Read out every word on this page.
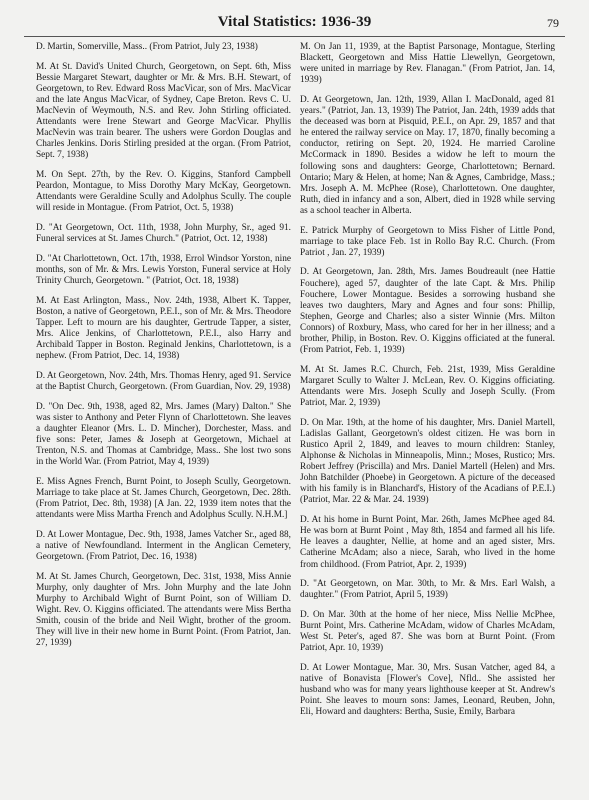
Vital Statistics: 1936-39	79

D. Martin, Somerville, Mass.. (From Patriot, July 23, 1938)

M. At St. David's United Church, Georgetown, on Sept. 6th, Miss Bessie Margaret Stewart, daughter or Mr. & Mrs. B.H. Stewart, of Georgetown, to Rev. Edward Ross MacVicar, son of Mrs. MacVicar and the late Angus MacVicar, of Sydney, Cape Breton. Revs C. U. MacNevin of Weymouth, N.S. and Rev. John Stirling officiated. Attendants were Irene Stewart and George MacVicar. Phyllis MacNevin was train bearer. The ushers were Gordon Douglas and Charles Jenkins. Doris Stirling presided at the organ. (From Patriot, Sept. 7, 1938)

M. On Sept. 27th, by the Rev. O. Kiggins, Stanford Campbell Peardon, Montague, to Miss Dorothy Mary McKay, Georgetown. Attendants were Geraldine Scully and Adolphus Scully. The couple will reside in Montague. (From Patriot, Oct. 5, 1938)

D. "At Georgetown, Oct. 11th, 1938, John Murphy, Sr., aged 91. Funeral services at St. James Church." (Patriot, Oct. 12, 1938)

D. "At Charlottetown, Oct. 17th, 1938, Errol Windsor Yorston, nine months, son of Mr. & Mrs. Lewis Yorston, Funeral service at Holy Trinity Church, Georgetown. " (Patriot, Oct. 18, 1938)

M. At East Arlington, Mass., Nov. 24th, 1938, Albert K. Tapper, Boston, a native of Georgetown, P.E.I., son of Mr. & Mrs. Theodore Tapper. Left to mourn are his daughter, Gertrude Tapper, a sister, Mrs. Alice Jenkins, of Charlottetown, P.E.I., also Harry and Archibald Tapper in Boston. Reginald Jenkins, Charlottetown, is a nephew. (From Patriot, Dec. 14, 1938)

D. At Georgetown, Nov. 24th, Mrs. Thomas Henry, aged 91. Service at the Baptist Church, Georgetown. (From Guardian, Nov. 29, 1938)

D. "On Dec. 9th, 1938, aged 82, Mrs. James (Mary) Dalton." She was sister to Anthony and Peter Flynn of Charlottetown. She leaves a daughter Eleanor (Mrs. L. D. Mincher), Dorchester, Mass. and five sons: Peter, James & Joseph at Georgetown, Michael at Trenton, N.S. and Thomas at Cambridge, Mass.. She lost two sons in the World War. (From Patriot, May 4, 1939)

E. Miss Agnes French, Burnt Point, to Joseph Scully, Georgetown. Marriage to take place at St. James Church, Georgetown, Dec. 28th. (From Patriot, Dec. 8th, 1938) [A Jan. 22, 1939 item notes that the attendants were Miss Martha French and Adolphus Scully. N.H.M.]

D. At Lower Montague, Dec. 9th, 1938, James Vatcher Sr., aged 88, a native of Newfoundland. Interment in the Anglican Cemetery, Georgetown. (From Patriot, Dec. 16, 1938)

M. At St. James Church, Georgetown, Dec. 31st, 1938, Miss Annie Murphy, only daughter of Mrs. John Murphy and the late John Murphy to Archibald Wight of Burnt Point, son of William D. Wight. Rev. O. Kiggins officiated. The attendants were Miss Bertha Smith, cousin of the bride and Neil Wight, brother of the groom. They will live in their new home in Burnt Point. (From Patriot, Jan. 27, 1939)

M. On Jan 11, 1939, at the Baptist Parsonage, Montague, Sterling Blackett, Georgetown and Miss Hattie Llewellyn, Georgetown, were united in marriage by Rev. Flanagan." (From Patriot, Jan. 14, 1939)

D. At Georgetown, Jan. 12th, 1939, Allan I. MacDonald, aged 81 years." (Patriot, Jan. 13, 1939) The Patriot, Jan. 24th, 1939 adds that the deceased was born at Pisquid, P.E.I., on Apr. 29, 1857 and that he entered the railway service on May. 17, 1870, finally becoming a conductor, retiring on Sept. 20, 1924. He married Caroline McCormack in 1890. Besides a widow he left to mourn the following sons and daughters: George, Charlottetown; Bernard. Ontario; Mary & Helen, at home; Nan & Agnes, Cambridge, Mass.; Mrs. Joseph A. M. McPhee (Rose), Charlottetown. One daughter, Ruth, died in infancy and a son, Albert, died in 1928 while serving as a school teacher in Alberta.

E. Patrick Murphy of Georgetown to Miss Fisher of Little Pond, marriage to take place Feb. 1st in Rollo Bay R.C. Church. (From Patriot , Jan. 27, 1939)

D. At Georgetown, Jan. 28th, Mrs. James Boudreault (nee Hattie Fouchere), aged 57, daughter of the late Capt. & Mrs. Philip Fouchere, Lower Montague. Besides a sorrowing husband she leaves two daughters, Mary and Agnes and four sons: Phillip, Stephen, George and Charles; also a sister Winnie (Mrs. Milton Connors) of Roxbury, Mass, who cared for her in her illness; and a brother, Philip, in Boston. Rev. O. Kiggins officiated at the funeral. (From Patriot, Feb. 1, 1939)

M. At St. James R.C. Church, Feb. 21st, 1939, Miss Geraldine Margaret Scully to Walter J. McLean, Rev. O. Kiggins officiating. Attendants were Mrs. Joseph Scully and Joseph Scully. (From Patriot, Mar. 2, 1939)

D. On Mar. 19th, at the home of his daughter, Mrs. Daniel Martell, Ladislas Gallant, Georgetown's oldest citizen. He was born in Rustico April 2, 1849, and leaves to mourn children: Stanley, Alphonse & Nicholas in Minneapolis, Minn.; Moses, Rustico; Mrs. Robert Jeffrey (Priscilla) and Mrs. Daniel Martell (Helen) and Mrs. John Batchilder (Phoebe) in Georgetown. A picture of the deceased with his family is in Blanchard's, History of the Acadians of P.E.I.) (Patriot, Mar. 22 & Mar. 24. 1939)

D. At his home in Burnt Point, Mar. 26th, James McPhee aged 84. He was born at Burnt Point , May 8th, 1854 and farmed all his life. He leaves a daughter, Nellie, at home and an aged sister, Mrs. Catherine McAdam; also a niece, Sarah, who lived in the home from childhood. (From Patriot, Apr. 2, 1939)

D. "At Georgetown, on Mar. 30th, to Mr. & Mrs. Earl Walsh, a daughter." (From Patriot, April 5, 1939)

D. On Mar. 30th at the home of her niece, Miss Nellie McPhee, Burnt Point, Mrs. Catherine McAdam, widow of Charles McAdam, West St. Peter's, aged 87. She was born at Burnt Point. (From Patriot, Apr. 10, 1939)

D. At Lower Montague, Mar. 30, Mrs. Susan Vatcher, aged 84, a native of Bonavista [Flower's Cove], Nfld.. She assisted her husband who was for many years lighthouse keeper at St. Andrew's Point. She leaves to mourn sons: James, Leonard, Reuben, John, Eli, Howard and daughters: Bertha, Susie, Emily, Barbara
